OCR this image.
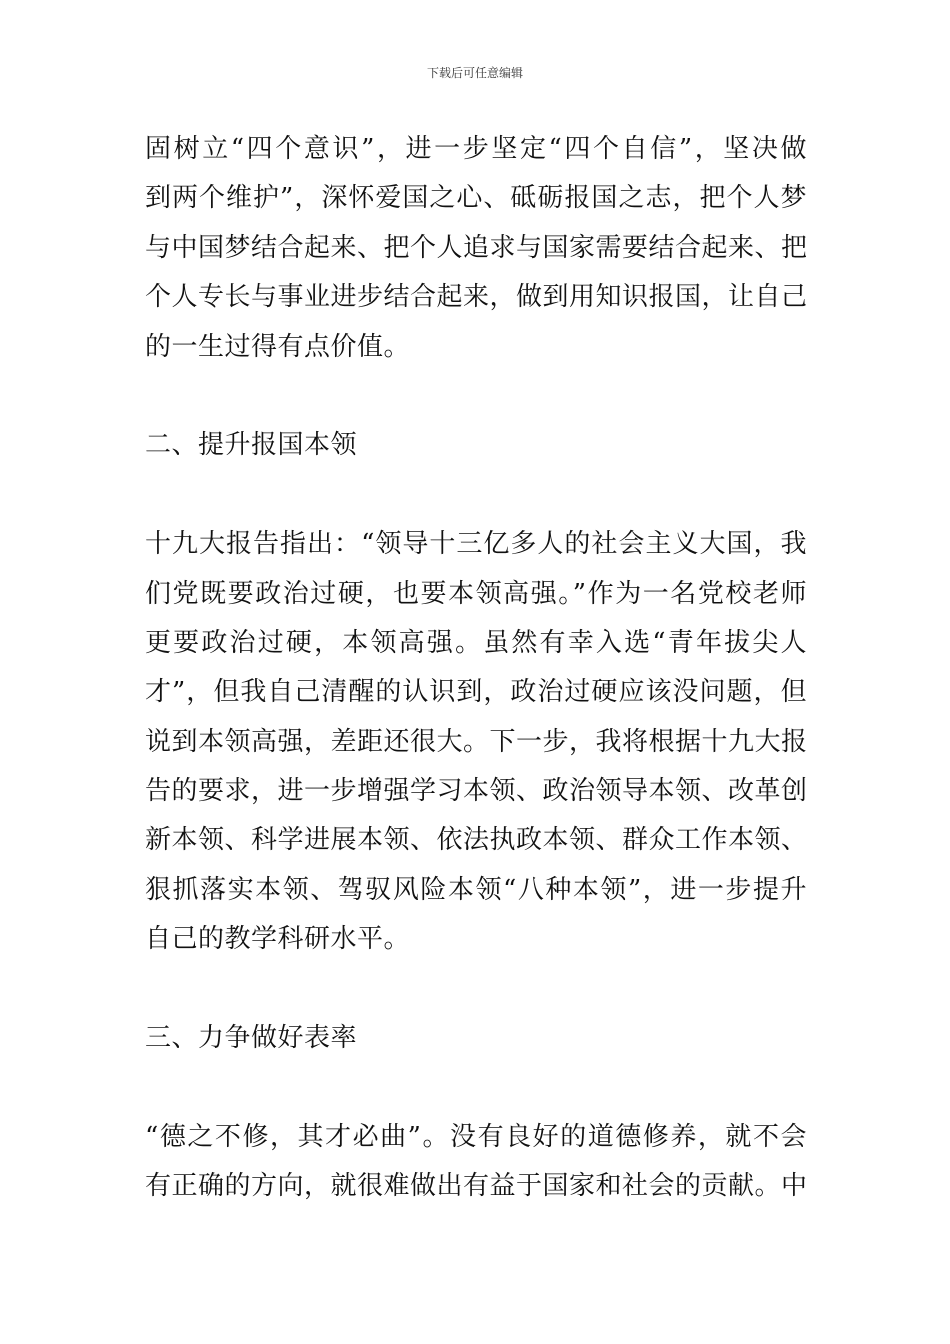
下载后可任意编辑
固树立“四个意识”，进一步坚定“四个自信”，坚决做
到两个维护”，深怀爱国之心、砥砺报国之志，把个人梦
与中国梦结合起来、把个人追求与国家需要结合起来、把
个人专长与事业进步结合起来，做到用知识报国，让自己
的一生过得有点价值。
二、提升报国本领
十九大报告指出：“领导十三亿多人的社会主义大国，我
们党既要政治过硬，也要本领高强。”作为一名党校老师
更要政治过硬，本领高强。虽然有幸入选“青年拔尖人
才”，但我自己清醒的认识到，政治过硬应该没问题，但
说到本领高强，差距还很大。下一步，我将根据十九大报
告的要求，进一步增强学习本领、政治领导本领、改革创
新本领、科学进展本领、依法执政本领、群众工作本领、
狠抓落实本领、驾驭风险本领“八种本领”，进一步提升
自己的教学科研水平。
三、力争做好表率
“德之不修，其才必曲”。没有良好的道德修养，就不会
有正确的方向，就很难做出有益于国家和社会的贡献。中
